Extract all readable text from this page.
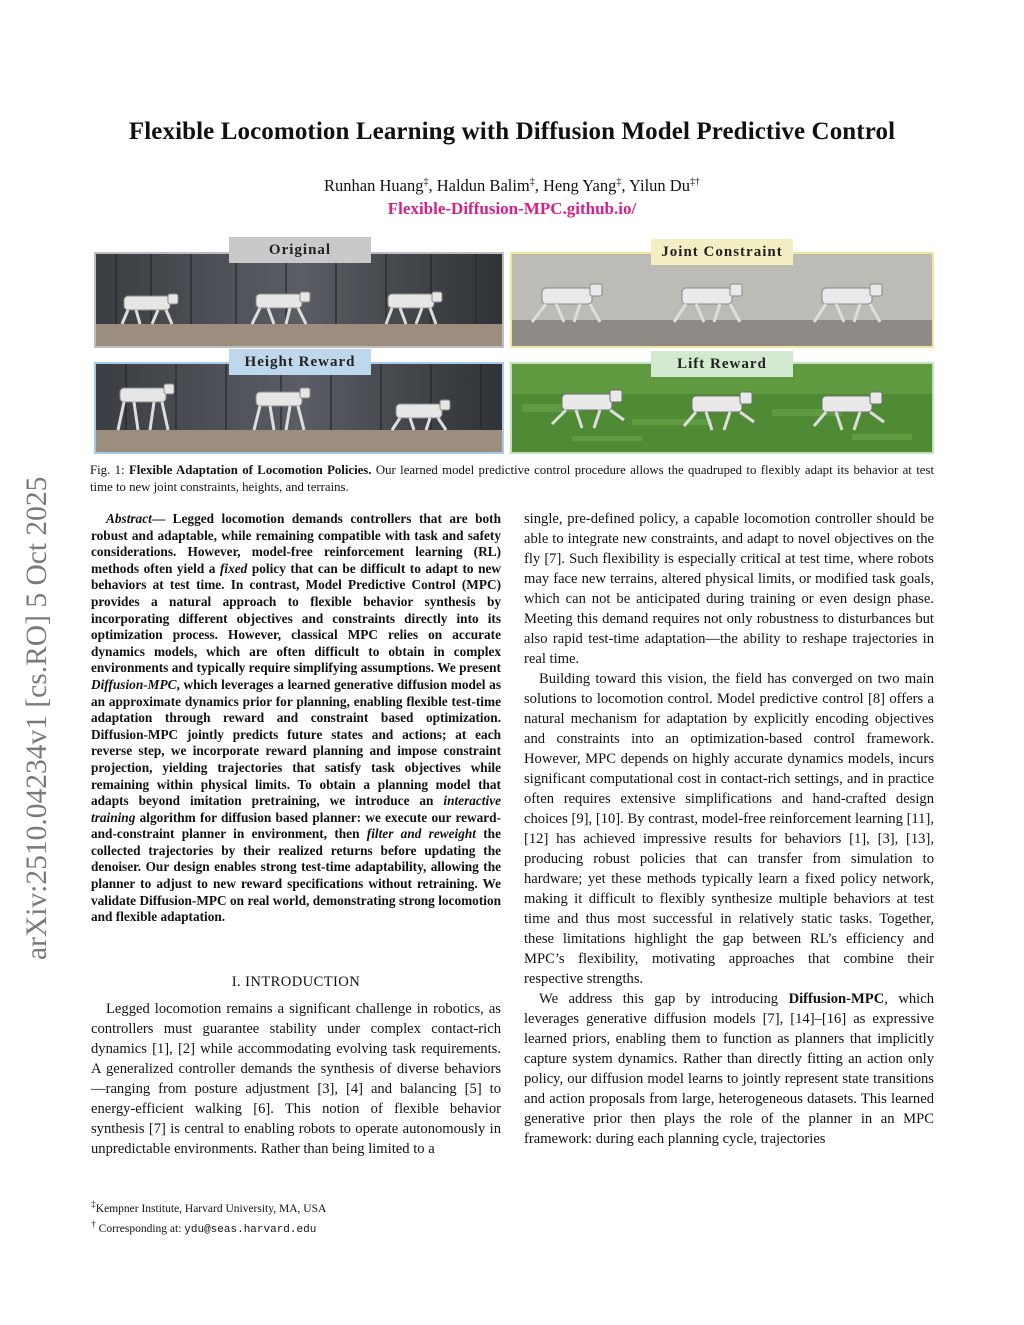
arXiv:2510.04234v1 [cs.RO] 5 Oct 2025
Flexible Locomotion Learning with Diffusion Model Predictive Control
Runhan Huang‡, Haldun Balim‡, Heng Yang‡, Yilun Du‡†
Flexible-Diffusion-MPC.github.io/
Original	Joint Constraint
Height Reward	Lift Reward
Fig. 1: Flexible Adaptation of Locomotion Policies. Our learned model predictive control procedure allows the quadruped to flexibly adapt its behavior at test time to new joint constraints, heights, and terrains.
Abstract— Legged locomotion demands controllers that are both robust and adaptable, while remaining compatible with task and safety considerations. However, model-free reinforcement learning (RL) methods often yield a fixed policy that can be difficult to adapt to new behaviors at test time. In contrast, Model Predictive Control (MPC) provides a natural approach to flexible behavior synthesis by incorporating different objectives and constraints directly into its optimization process. However, classical MPC relies on accurate dynamics models, which are often difficult to obtain in complex environments and typically require simplifying assumptions. We present Diffusion-MPC, which leverages a learned generative diffusion model as an approximate dynamics prior for planning, enabling flexible test-time adaptation through reward and constraint based optimization. Diffusion-MPC jointly predicts future states and actions; at each reverse step, we incorporate reward planning and impose constraint projection, yielding trajectories that satisfy task objectives while remaining within physical limits. To obtain a planning model that adapts beyond imitation pretraining, we introduce an interactive training algorithm for diffusion based planner: we execute our reward-and-constraint planner in environment, then filter and reweight the collected trajectories by their realized returns before updating the denoiser. Our design enables strong test-time adaptability, allowing the planner to adjust to new reward specifications without retraining. We validate Diffusion-MPC on real world, demonstrating strong locomotion and flexible adaptation.
I. INTRODUCTION
Legged locomotion remains a significant challenge in robotics, as controllers must guarantee stability under complex contact-rich dynamics [1], [2] while accommodating evolving task requirements. A generalized controller demands the synthesis of diverse behaviors—ranging from posture adjustment [3], [4] and balancing [5] to energy-efficient walking [6]. This notion of flexible behavior synthesis [7] is central to enabling robots to operate autonomously in unpredictable environments. Rather than being limited to a
‡Kempner Institute, Harvard University, MA, USA
† Corresponding at: ydu@seas.harvard.edu
single, pre-defined policy, a capable locomotion controller should be able to integrate new constraints, and adapt to novel objectives on the fly [7]. Such flexibility is especially critical at test time, where robots may face new terrains, altered physical limits, or modified task goals, which can not be anticipated during training or even design phase. Meeting this demand requires not only robustness to disturbances but also rapid test-time adaptation—the ability to reshape trajectories in real time.
Building toward this vision, the field has converged on two main solutions to locomotion control. Model predictive control [8] offers a natural mechanism for adaptation by explicitly encoding objectives and constraints into an optimization-based control framework. However, MPC depends on highly accurate dynamics models, incurs significant computational cost in contact-rich settings, and in practice often requires extensive simplifications and hand-crafted design choices [9], [10]. By contrast, model-free reinforcement learning [11], [12] has achieved impressive results for behaviors [1], [3], [13], producing robust policies that can transfer from simulation to hardware; yet these methods typically learn a fixed policy network, making it difficult to flexibly synthesize multiple behaviors at test time and thus most successful in relatively static tasks. Together, these limitations highlight the gap between RL’s efficiency and MPC’s flexibility, motivating approaches that combine their respective strengths.
We address this gap by introducing Diffusion-MPC, which leverages generative diffusion models [7], [14]–[16] as expressive learned priors, enabling them to function as planners that implicitly capture system dynamics. Rather than directly fitting an action only policy, our diffusion model learns to jointly represent state transitions and action proposals from large, heterogeneous datasets. This learned generative prior then plays the role of the planner in an MPC framework: during each planning cycle, trajectories
